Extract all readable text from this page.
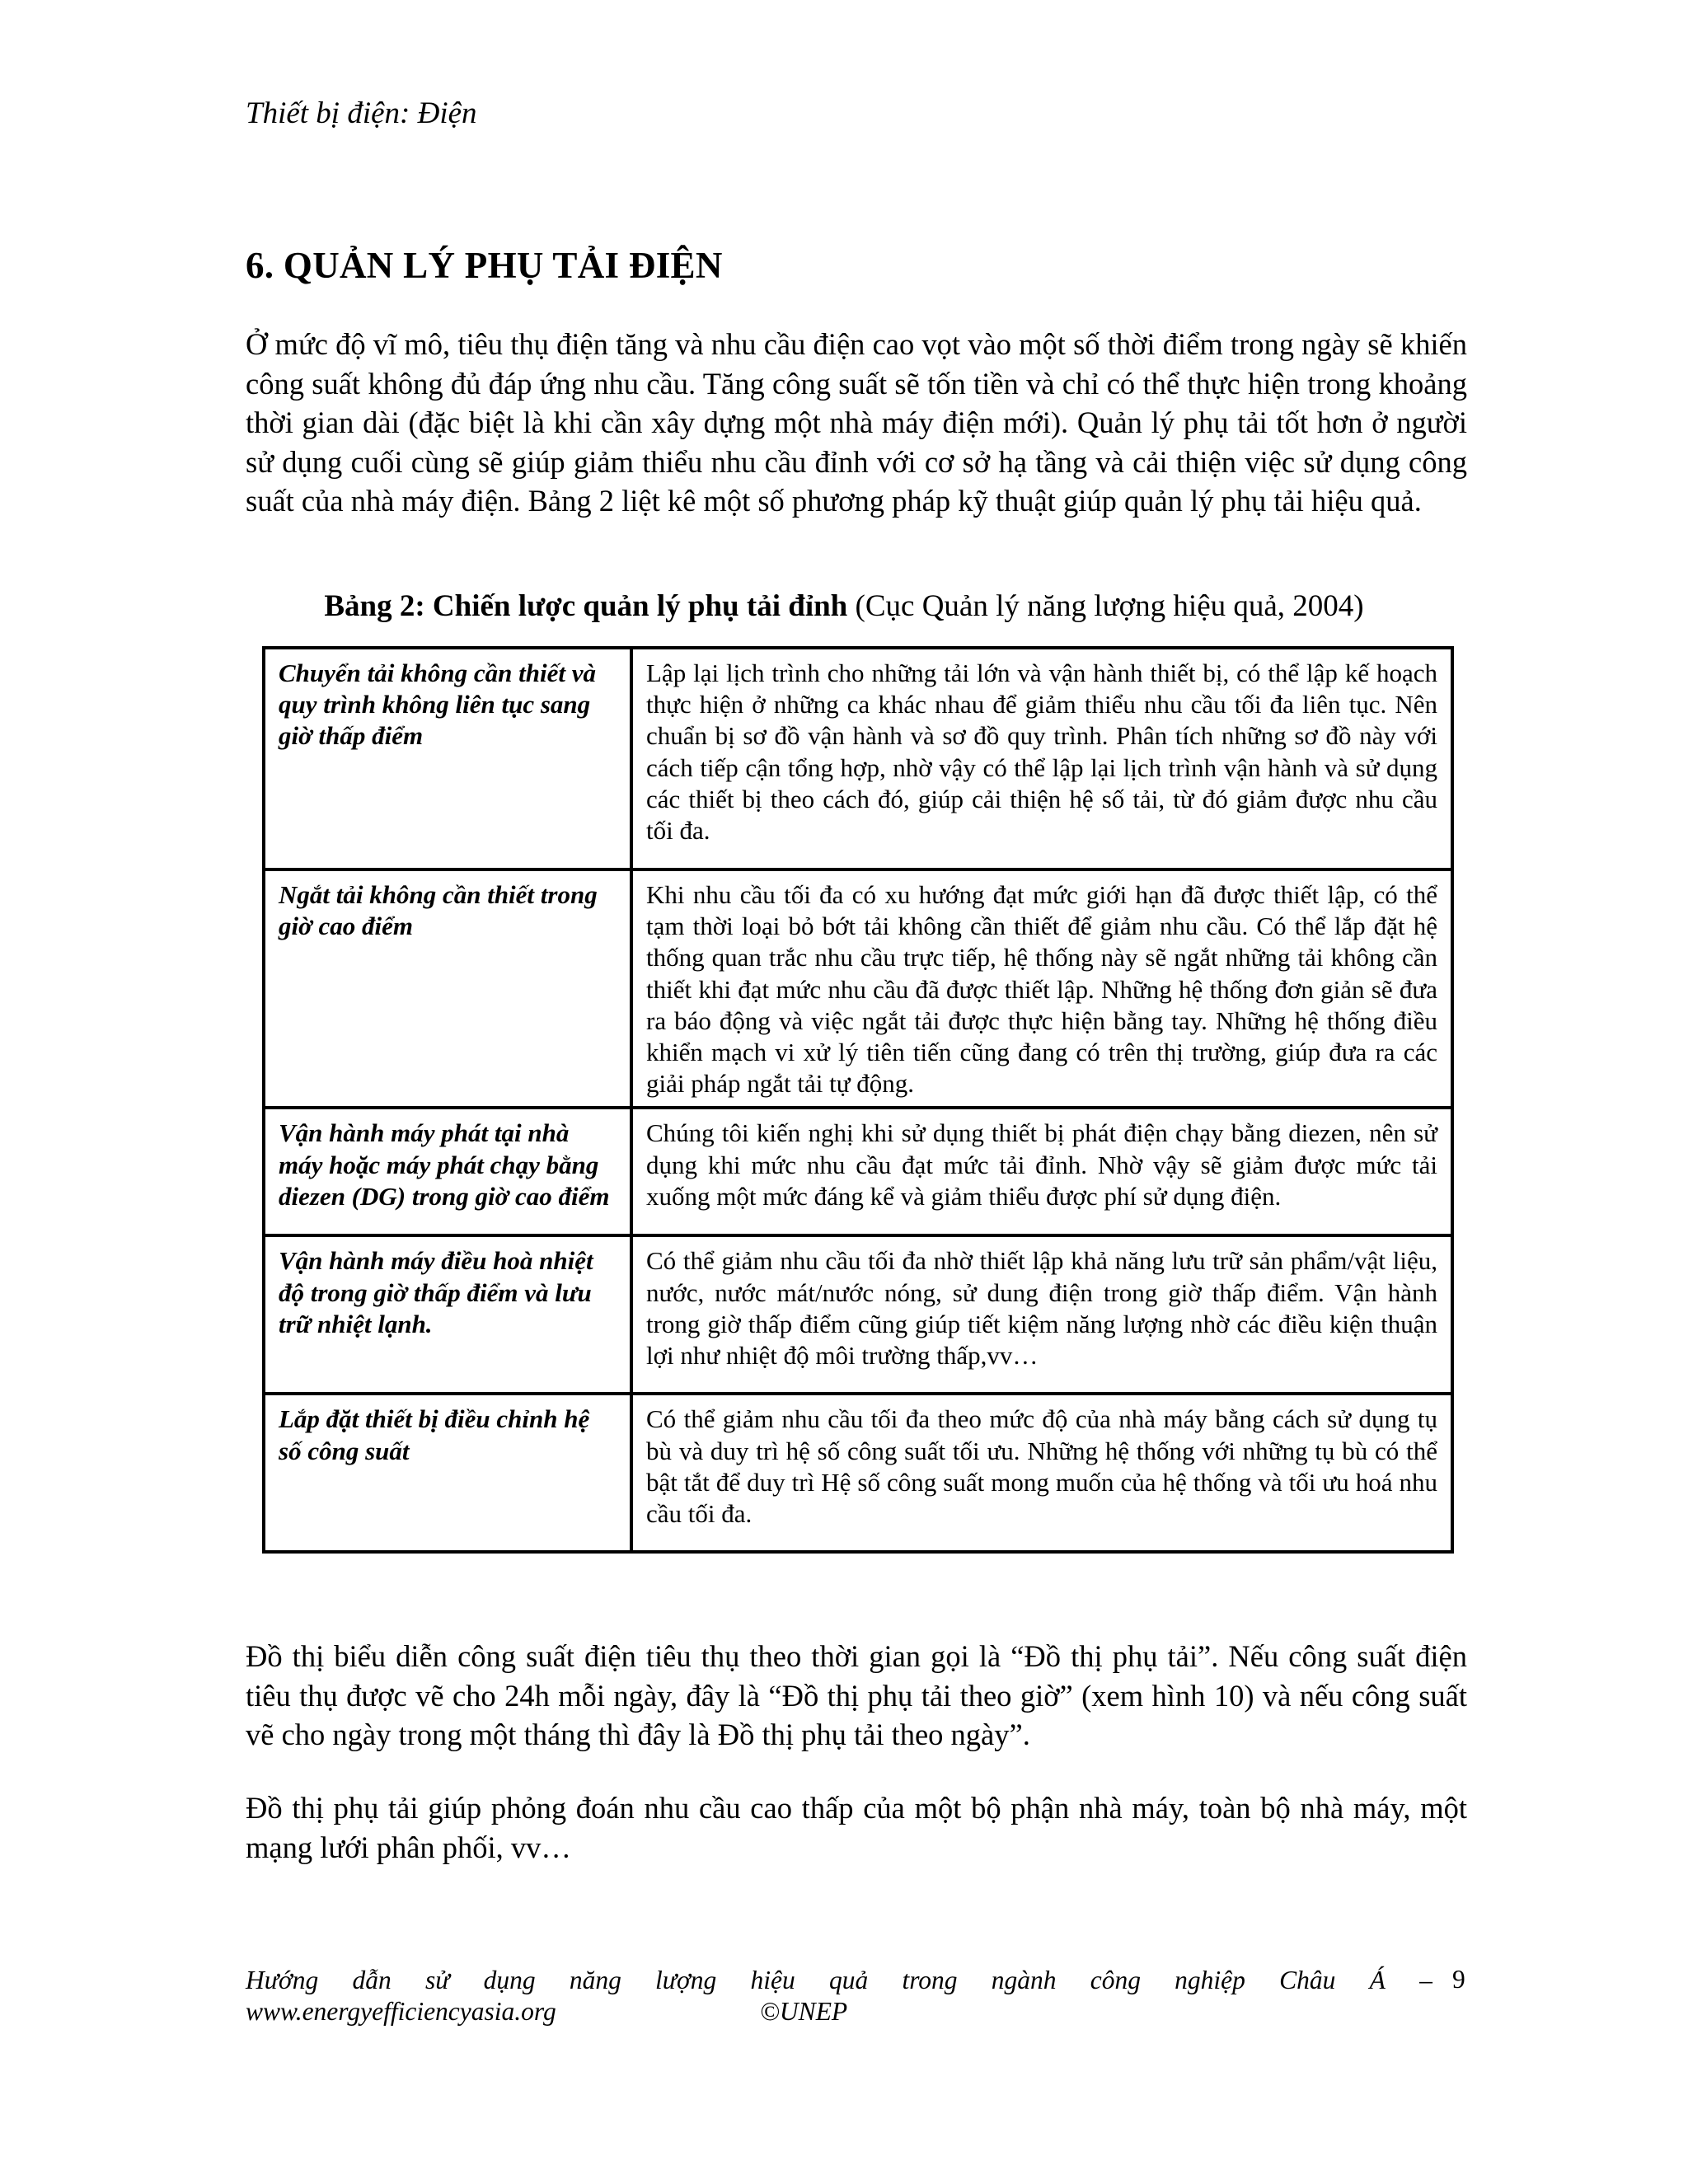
Thiết bị điện: Điện
6. QUẢN LÝ PHỤ TẢI ĐIỆN

Ở mức độ vĩ mô, tiêu thụ điện tăng và nhu cầu điện cao vọt vào một số thời điểm trong ngày sẽ khiến công suất không đủ đáp ứng nhu cầu. Tăng công suất sẽ tốn tiền và chỉ có thể thực hiện trong khoảng thời gian dài (đặc biệt là khi cần xây dựng một nhà máy điện mới). Quản lý phụ tải tốt hơn ở người sử dụng cuối cùng sẽ giúp giảm thiểu nhu cầu đỉnh với cơ sở hạ tầng và cải thiện việc sử dụng công suất của nhà máy điện. Bảng 2 liệt kê một số phương pháp kỹ thuật giúp quản lý phụ tải hiệu quả.

Bảng 2: Chiến lược quản lý phụ tải đỉnh (Cục Quản lý năng lượng hiệu quả, 2004)
Chuyển tải không cần thiết và quy trình không liên tục sang giờ thấp điểm	Lập lại lịch trình cho những tải lớn và vận hành thiết bị, có thể lập kế hoạch thực hiện ở những ca khác nhau để giảm thiểu nhu cầu tối đa liên tục. Nên chuẩn bị sơ đồ vận hành và sơ đồ quy trình. Phân tích những sơ đồ này với cách tiếp cận tổng hợp, nhờ vậy có thể lập lại lịch trình vận hành và sử dụng các thiết bị theo cách đó, giúp cải thiện hệ số tải, từ đó giảm được nhu cầu tối đa.
Ngắt tải không cần thiết trong giờ cao điểm	Khi nhu cầu tối đa có xu hướng đạt mức giới hạn đã được thiết lập, có thể tạm thời loại bỏ bớt tải không cần thiết để giảm nhu cầu. Có thể lắp đặt hệ thống quan trắc nhu cầu trực tiếp, hệ thống này sẽ ngắt những tải không cần thiết khi đạt mức nhu cầu đã được thiết lập. Những hệ thống đơn giản sẽ đưa ra báo động và việc ngắt tải được thực hiện bằng tay. Những hệ thống điều khiển mạch vi xử lý tiên tiến cũng đang có trên thị trường, giúp đưa ra các giải pháp ngắt tải tự động.
Vận hành máy phát tại nhà máy hoặc máy phát chạy bằng diezen (DG) trong giờ cao điểm	Chúng tôi kiến nghị khi sử dụng thiết bị phát điện chạy bằng diezen, nên sử dụng khi mức nhu cầu đạt mức tải đỉnh. Nhờ vậy sẽ giảm được mức tải xuống một mức đáng kể và giảm thiểu được phí sử dụng điện.
Vận hành máy điều hoà nhiệt độ trong giờ thấp điểm và lưu trữ nhiệt lạnh.	Có thể giảm nhu cầu tối đa nhờ thiết lập khả năng lưu trữ sản phẩm/vật liệu, nước, nước mát/nước nóng, sử dung điện trong giờ thấp điểm. Vận hành trong giờ thấp điểm cũng giúp tiết kiệm năng lượng nhờ các điều kiện thuận lợi như nhiệt độ môi trường thấp,vv…
Lắp đặt thiết bị điều chỉnh hệ số công suất	Có thể giảm nhu cầu tối đa theo mức độ của nhà máy bằng cách sử dụng tụ bù và duy trì hệ số công suất tối ưu. Những hệ thống với những tụ bù có thể bật tắt để duy trì Hệ số công suất mong muốn của hệ thống và tối ưu hoá nhu cầu tối đa.

Đồ thị biểu diễn công suất điện tiêu thụ theo thời gian gọi là “Đồ thị phụ tải”. Nếu công suất điện tiêu thụ được vẽ cho 24h mỗi ngày, đây là “Đồ thị phụ tải theo giờ” (xem hình 10) và nếu công suất vẽ cho ngày trong một tháng thì đây là Đồ thị phụ tải theo ngày”.

Đồ thị phụ tải giúp phỏng đoán nhu cầu cao thấp của một bộ phận nhà máy, toàn bộ nhà máy, một mạng lưới phân phối, vv…

Hướng dẫn sử dụng năng lượng hiệu quả trong ngành công nghiệp Châu Á –
www.energyefficiencyasia.org	©UNEP
9
